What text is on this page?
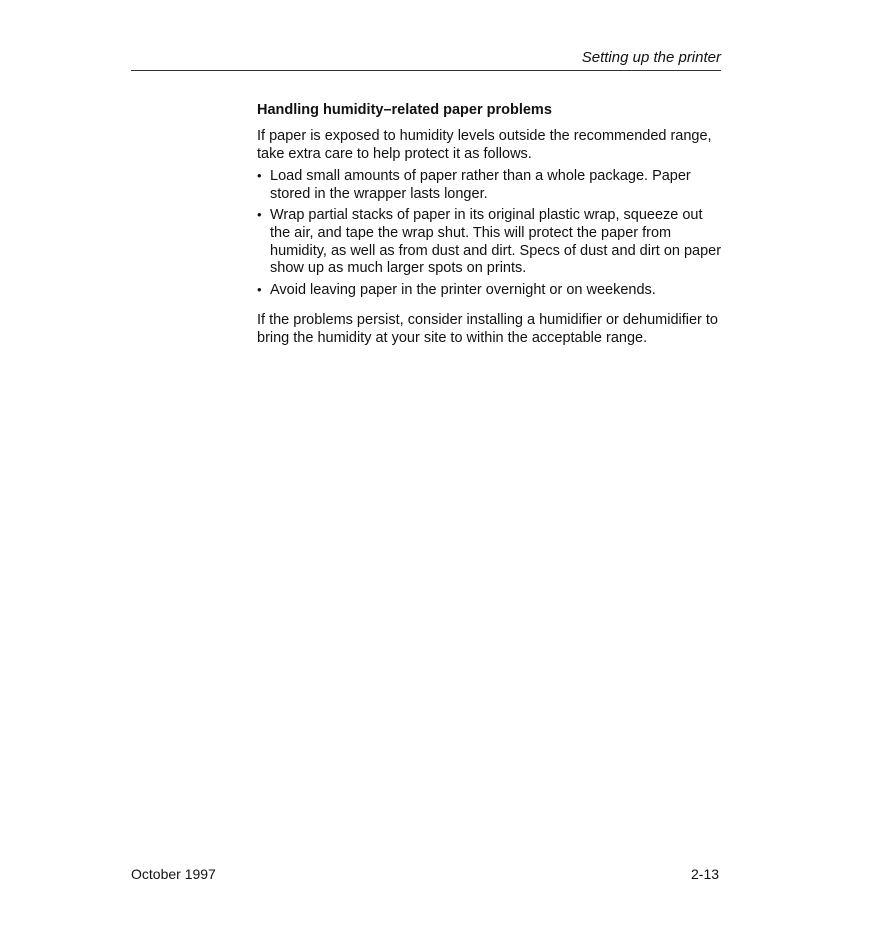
Setting up the printer
Handling humidity–related paper problems

If paper is exposed to humidity levels outside the recommended range, take extra care to help protect it as follows.

• Load small amounts of paper rather than a whole package. Paper stored in the wrapper lasts longer.
• Wrap partial stacks of paper in its original plastic wrap, squeeze out the air, and tape the wrap shut. This will protect the paper from humidity, as well as from dust and dirt. Specs of dust and dirt on paper show up as much larger spots on prints.
• Avoid leaving paper in the printer overnight or on weekends.

If the problems persist, consider installing a humidifier or dehumidifier to bring the humidity at your site to within the acceptable range.

October 1997	2-13
